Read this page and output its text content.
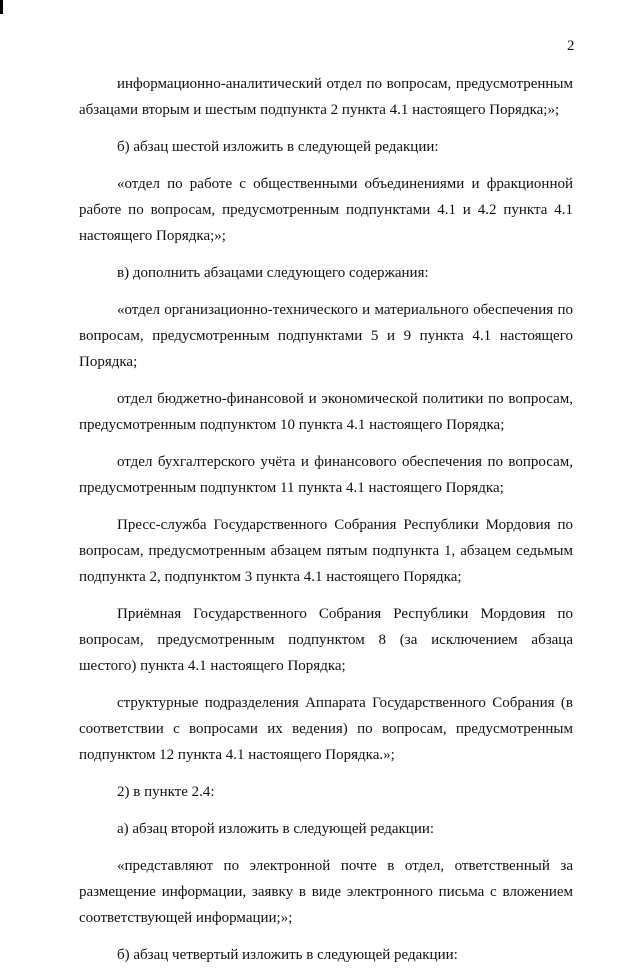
2

информационно-аналитический отдел по вопросам, предусмотренным абзацами вторым и шестым подпункта 2 пункта 4.1 настоящего Порядка;»;

б) абзац шестой изложить в следующей редакции:

«отдел по работе с общественными объединениями и фракционной работе по вопросам, предусмотренным подпунктами 4.1 и 4.2 пункта 4.1 настоящего Порядка;»;

в) дополнить абзацами следующего содержания:

«отдел организационно-технического и материального обеспечения по вопросам, предусмотренным подпунктами 5 и 9 пункта 4.1 настоящего Порядка;

отдел бюджетно-финансовой и экономической политики по вопросам, предусмотренным подпунктом 10 пункта 4.1 настоящего Порядка;

отдел бухгалтерского учёта и финансового обеспечения по вопросам, предусмотренным подпунктом 11 пункта 4.1 настоящего Порядка;

Пресс-служба Государственного Собрания Республики Мордовия по вопросам, предусмотренным абзацем пятым подпункта 1, абзацем седьмым подпункта 2, подпунктом 3 пункта 4.1 настоящего Порядка;

Приёмная Государственного Собрания Республики Мордовия по вопросам, предусмотренным подпунктом 8 (за исключением абзаца шестого) пункта 4.1 настоящего Порядка;

структурные подразделения Аппарата Государственного Собрания (в соответствии с вопросами их ведения) по вопросам, предусмотренным подпунктом 12 пункта 4.1 настоящего Порядка.»;

2) в пункте 2.4:

а) абзац второй изложить в следующей редакции:

«представляют по электронной почте в отдел, ответственный за размещение информации, заявку в виде электронного письма с вложением соответствующей информации;»;

б) абзац четвертый изложить в следующей редакции:
